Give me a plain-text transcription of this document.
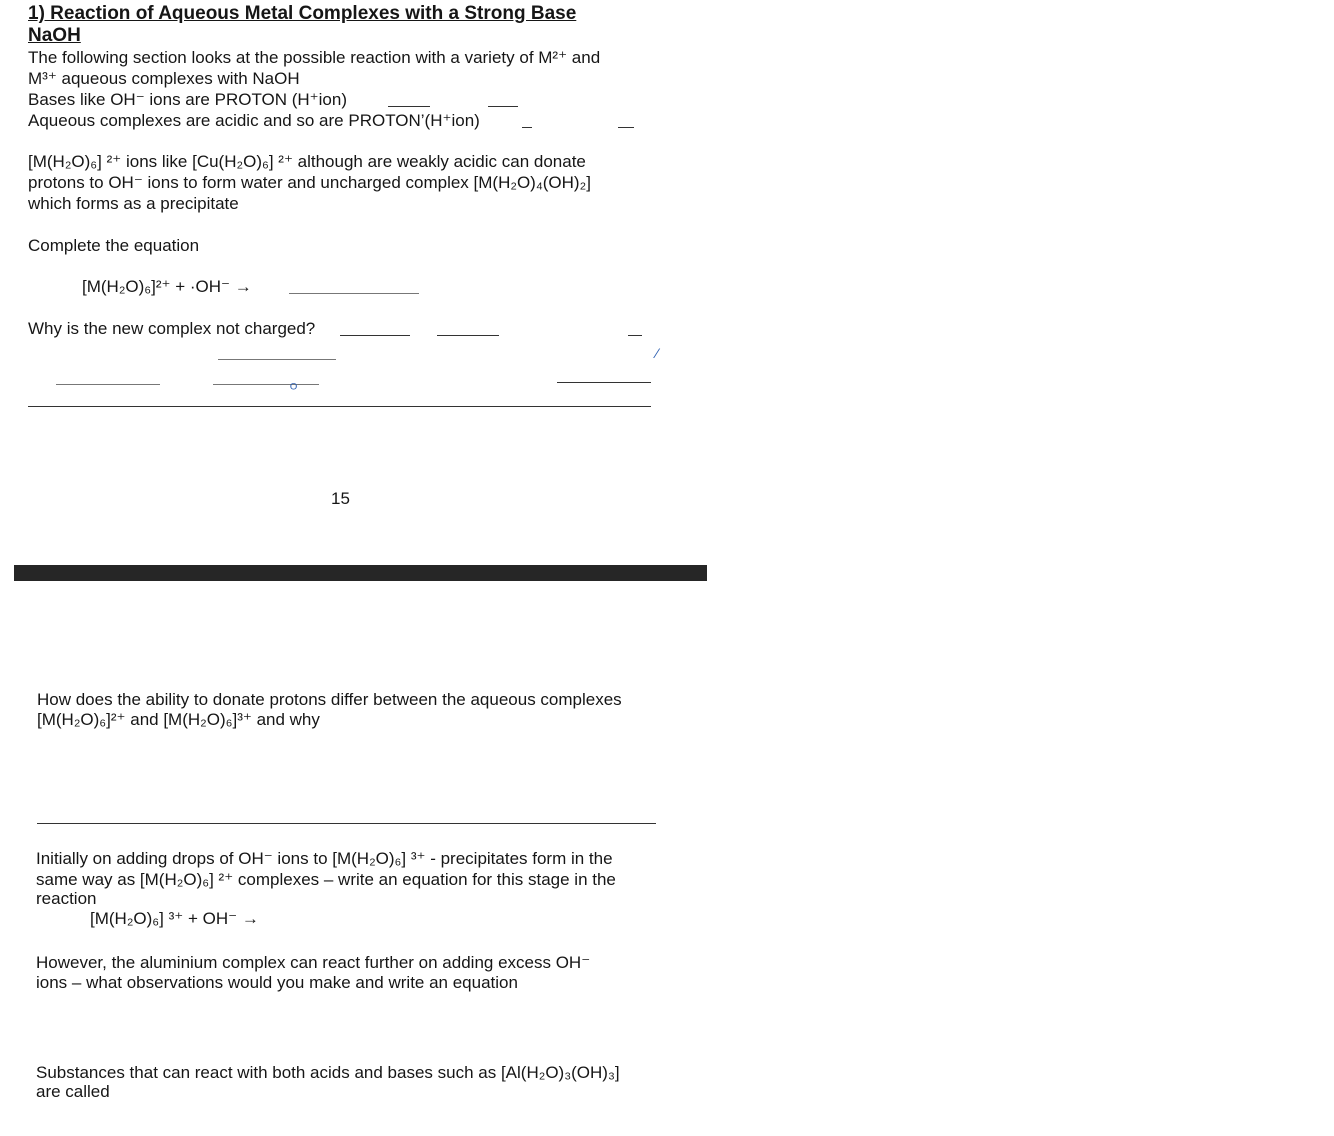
1) Reaction of Aqueous Metal Complexes with a Strong Base
NaOH
The following section looks at the possible reaction with a variety of M²⁺ and
M³⁺ aqueous complexes with NaOH
Bases like OH⁻ ions are PROTON (H⁺ion)
Aqueous complexes are acidic and so are PROTON’(H⁺ion)
[M(H₂O)₆] ²⁺ ions like [Cu(H₂O)₆] ²⁺ although are weakly acidic can donate
protons to OH⁻ ions to form water and uncharged complex [M(H₂O)₄(OH)₂]
which forms as a precipitate
Complete the equation
[M(H₂O)₆]²⁺ + ·OH⁻ →
Why is the new complex not charged?
ᴼ
⁄
15
How does the ability to donate protons differ between the aqueous complexes
[M(H₂O)₆]²⁺ and [M(H₂O)₆]³⁺ and why
Initially on adding drops of OH⁻ ions to [M(H₂O)₆] ³⁺ - precipitates form in the
same way as [M(H₂O)₆] ²⁺ complexes – write an equation for this stage in the
reaction
[M(H₂O)₆] ³⁺ + OH⁻ →
However, the aluminium complex can react further on adding excess OH⁻
ions – what observations would you make and write an equation
Substances that can react with both acids and bases such as [Al(H₂O)₃(OH)₃]
are called
